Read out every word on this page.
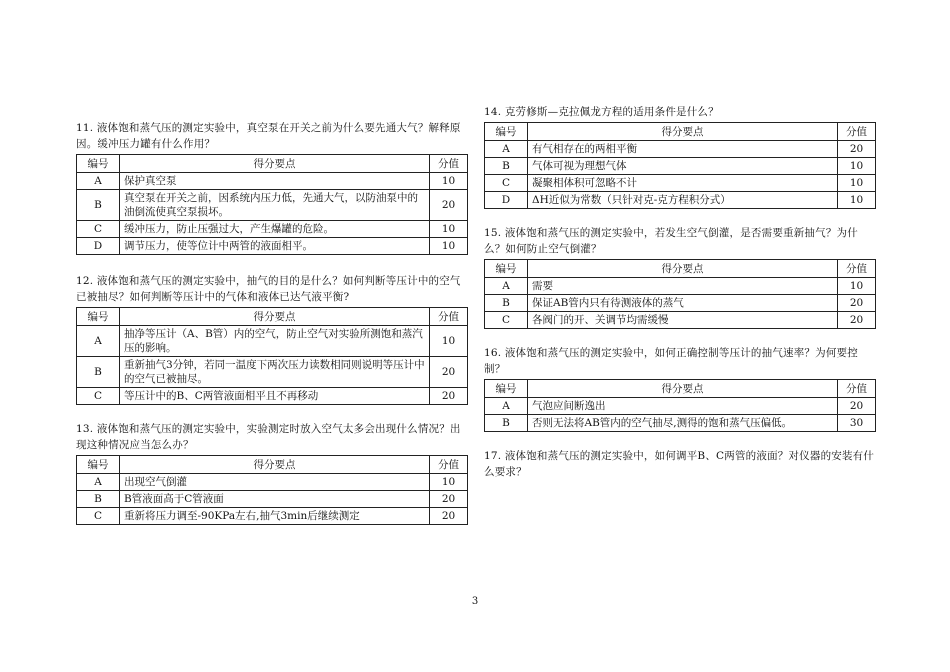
11. 液体饱和蒸气压的测定实验中，真空泵在开关之前为什么要先通大气？解释原因。缓冲压力罐有什么作用？

编号	得分要点	分值
A	保护真空泵	10
B	真空泵在开关之前，因系统内压力低，先通大气，以防油泵中的油倒流使真空泵损坏。	20
C	缓冲压力，防止压强过大，产生爆罐的危险。	10
D	调节压力，使等位计中两管的液面相平。	10

12. 液体饱和蒸气压的测定实验中，抽气的目的是什么？如何判断等压计中的空气已被抽尽？如何判断等压计中的气体和液体已达气液平衡?

编号	得分要点	分值
A	抽净等压计（A、B管）内的空气，防止空气对实验所测饱和蒸汽压的影响。	10
B	重新抽气3分钟，若同一温度下两次压力读数相同则说明等压计中的空气已被抽尽。	20
C	等压计中的B、C两管液面相平且不再移动	20

13. 液体饱和蒸气压的测定实验中，实验测定时放入空气太多会出现什么情况？出现这种情况应当怎么办？

编号	得分要点	分值
A	出现空气倒灌	10
B	B管液面高于C管液面	20
C	重新将压力调至-90KPa左右,抽气3min后继续测定	20

14. 克劳修斯—克拉佩龙方程的适用条件是什么？

编号	得分要点	分值
A	有气相存在的两相平衡	20
B	气体可视为理想气体	10
C	凝聚相体积可忽略不计	10
D	ΔH近似为常数（只针对克-克方程积分式）	10

15. 液体饱和蒸气压的测定实验中，若发生空气倒灌，是否需要重新抽气？为什么？如何防止空气倒灌？

编号	得分要点	分值
A	需要	10
B	保证AB管内只有待测液体的蒸气	20
C	各阀门的开、关调节均需缓慢	20

16. 液体饱和蒸气压的测定实验中，如何正确控制等压计的抽气速率？为何要控制？

编号	得分要点	分值
A	气泡应间断逸出	20
B	否则无法将AB管内的空气抽尽,测得的饱和蒸气压偏低。	30

17. 液体饱和蒸气压的测定实验中，如何调平B、C两管的液面？对仪器的安装有什么要求？

3
